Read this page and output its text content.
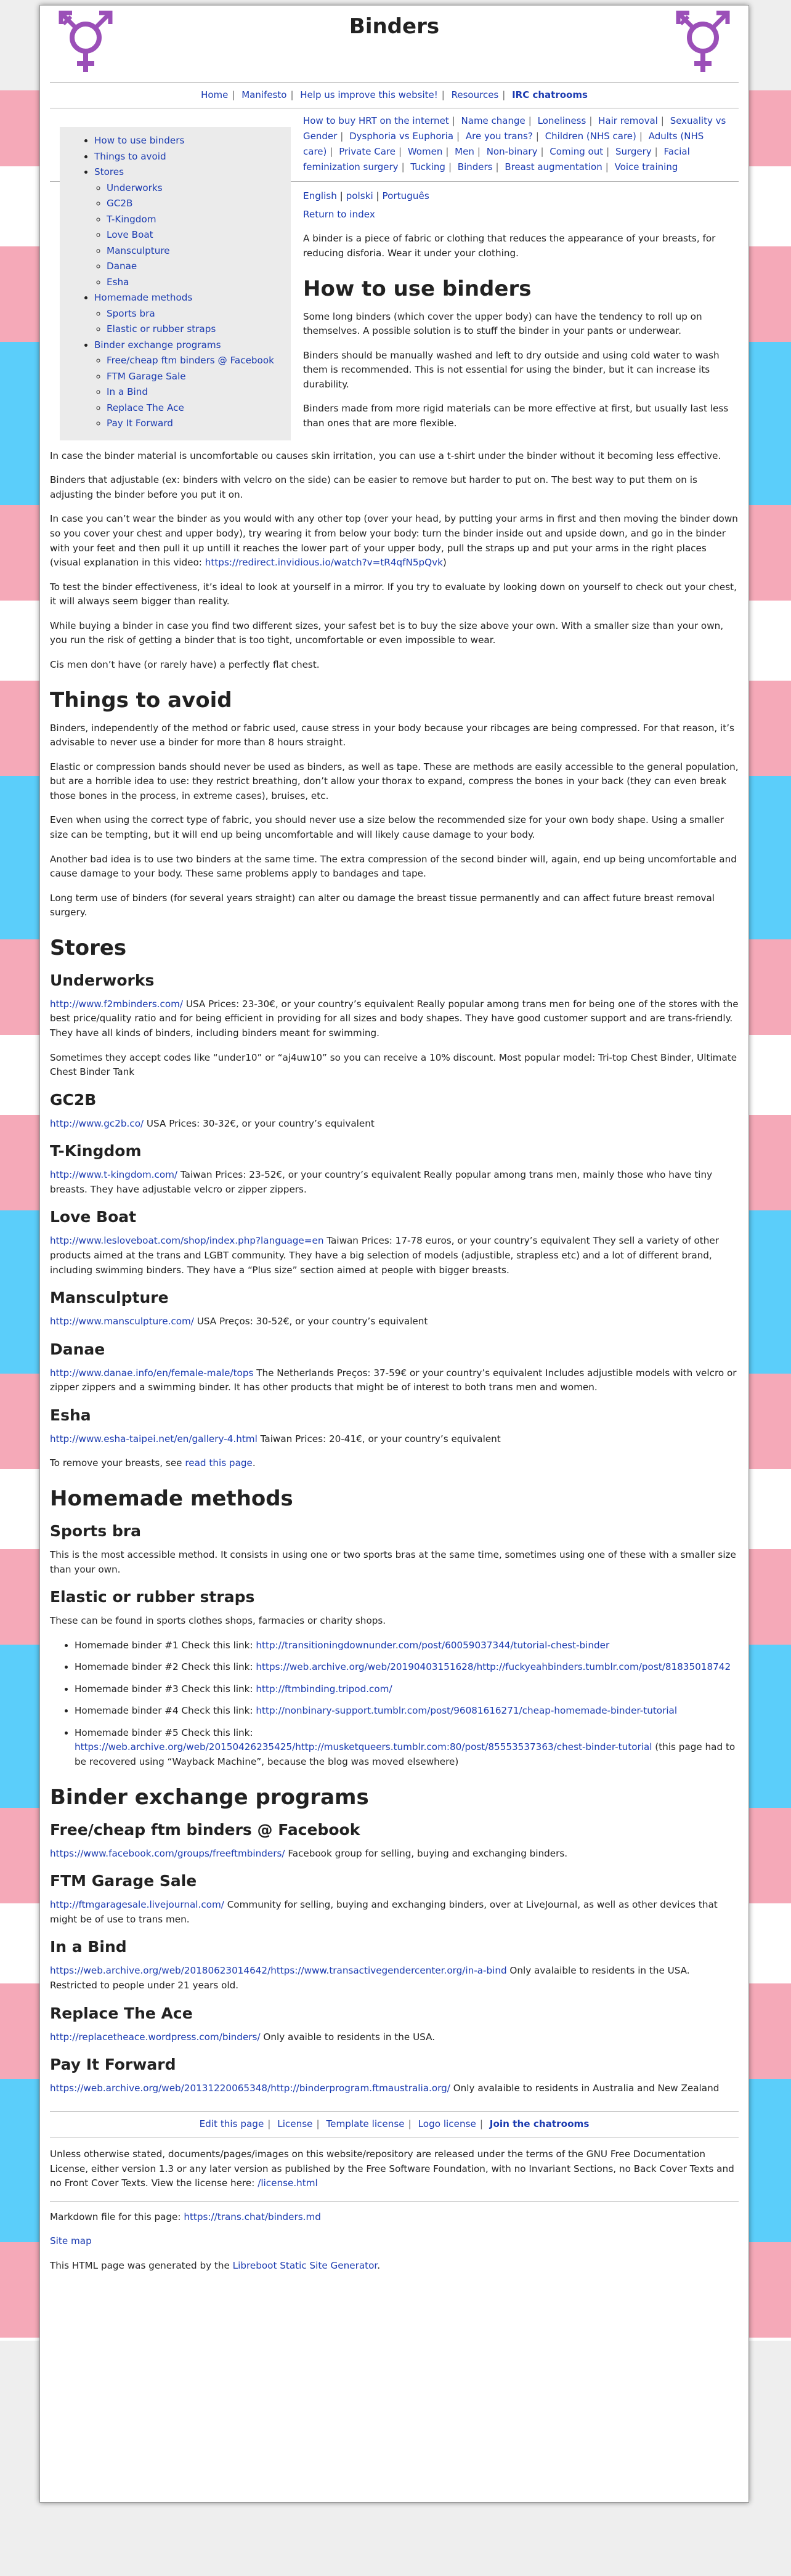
Binders
Home | Manifesto | Help us improve this website! | Resources | IRC chatrooms
• How to use binders
• Things to avoid
• Stores
◦ Underworks
◦ GC2B
◦ T-Kingdom
◦ Love Boat
◦ Mansculpture
◦ Danae
◦ Esha
• Homemade methods
◦ Sports bra
◦ Elastic or rubber straps
• Binder exchange programs
◦ Free/cheap ftm binders @ Facebook
◦ FTM Garage Sale
◦ In a Bind
◦ Replace The Ace
◦ Pay It Forward
How to buy HRT on the internet | Name change | Loneliness | Hair removal | Sexuality vs Gender | Dysphoria vs Euphoria | Are you trans? | Children (NHS care) | Adults (NHS care) | Private Care | Women | Men | Non-binary | Coming out | Surgery | Facial feminization surgery | Tucking | Binders | Breast augmentation | Voice training

English | polski | Português

Return to index

A binder is a piece of fabric or clothing that reduces the appearance of your breasts, for reducing disforia. Wear it under your clothing.

How to use binders

Some long binders (which cover the upper body) can have the tendency to roll up on themselves. A possible solution is to stuff the binder in your pants or underwear.

Binders should be manually washed and left to dry outside and using cold water to wash them is recommended. This is not essential for using the binder, but it can increase its durability.

Binders made from more rigid materials can be more effective at first, but usually last less than ones that are more flexible.

In case the binder material is uncomfortable ou causes skin irritation, you can use a t-shirt under the binder without it becoming less effective.

Binders that adjustable (ex: binders with velcro on the side) can be easier to remove but harder to put on. The best way to put them on is adjusting the binder before you put it on.

In case you can’t wear the binder as you would with any other top (over your head, by putting your arms in first and then moving the binder down so you cover your chest and upper body), try wearing it from below your body: turn the binder inside out and upside down, and go in the binder with your feet and then pull it up untill it reaches the lower part of your upper body, pull the straps up and put your arms in the right places (visual explanation in this video: https://redirect.invidious.io/watch?v=tR4qfN5pQvk)

To test the binder effectiveness, it’s ideal to look at yourself in a mirror. If you try to evaluate by looking down on yourself to check out your chest, it will always seem bigger than reality.

While buying a binder in case you find two different sizes, your safest bet is to buy the size above your own. With a smaller size than your own, you run the risk of getting a binder that is too tight, uncomfortable or even impossible to wear.

Cis men don’t have (or rarely have) a perfectly flat chest.

Things to avoid

Binders, independently of the method or fabric used, cause stress in your body because your ribcages are being compressed. For that reason, it’s advisable to never use a binder for more than 8 hours straight.

Elastic or compression bands should never be used as binders, as well as tape. These are methods are easily accessible to the general population, but are a horrible idea to use: they restrict breathing, don’t allow your thorax to expand, compress the bones in your back (they can even break those bones in the process, in extreme cases), bruises, etc.

Even when using the correct type of fabric, you should never use a size below the recommended size for your own body shape. Using a smaller size can be tempting, but it will end up being uncomfortable and will likely cause damage to your body.

Another bad idea is to use two binders at the same time. The extra compression of the second binder will, again, end up being uncomfortable and cause damage to your body. These same problems apply to bandages and tape.

Long term use of binders (for several years straight) can alter ou damage the breast tissue permanently and can affect future breast removal surgery.

Stores
Underworks

http://www.f2mbinders.com/ USA Prices: 23-30€, or your country’s equivalent Really popular among trans men for being one of the stores with the best price/quality ratio and for being efficient in providing for all sizes and body shapes. They have good customer support and are trans-friendly. They have all kinds of binders, including binders meant for swimming.

Sometimes they accept codes like “under10” or “aj4uw10” so you can receive a 10% discount. Most popular model: Tri-top Chest Binder, Ultimate Chest Binder Tank

GC2B

http://www.gc2b.co/ USA Prices: 30-32€, or your country’s equivalent

T-Kingdom

http://www.t-kingdom.com/ Taiwan Prices: 23-52€, or your country’s equivalent Really popular among trans men, mainly those who have tiny breasts. They have adjustable velcro or zipper zippers.

Love Boat

http://www.lesloveboat.com/shop/index.php?language=en Taiwan Prices: 17-78 euros, or your country’s equivalent They sell a variety of other products aimed at the trans and LGBT community. They have a big selection of models (adjustible, strapless etc) and a lot of different brand, including swimming binders. They have a “Plus size” section aimed at people with bigger breasts.

Mansculpture

http://www.mansculpture.com/ USA Preços: 30-52€, or your country’s equivalent

Danae

http://www.danae.info/en/female-male/tops The Netherlands Preços: 37-59€ or your country’s equivalent Includes adjustible models with velcro or zipper zippers and a swimming binder. It has other products that might be of interest to both trans men and women.

Esha

http://www.esha-taipei.net/en/gallery-4.html Taiwan Prices: 20-41€, or your country’s equivalent

To remove your breasts, see read this page.

Homemade methods
Sports bra

This is the most accessible method. It consists in using one or two sports bras at the same time, sometimes using one of these with a smaller size than your own.

Elastic or rubber straps

These can be found in sports clothes shops, farmacies or charity shops.

• Homemade binder #1 Check this link: http://transitioningdownunder.com/post/60059037344/tutorial-chest-binder
• Homemade binder #2 Check this link: https://web.archive.org/web/20190403151628/http://fuckyeahbinders.tumblr.com/post/81835018742
• Homemade binder #3 Check this link: http://ftmbinding.tripod.com/
• Homemade binder #4 Check this link: http://nonbinary-support.tumblr.com/post/96081616271/cheap-homemade-binder-tutorial
• Homemade binder #5 Check this link: https://web.archive.org/web/20150426235425/http://musketqueers.tumblr.com:80/post/85553537363/chest-binder-tutorial (this page had to be recovered using “Wayback Machine”, because the blog was moved elsewhere)
Binder exchange programs
Free/cheap ftm binders @ Facebook

https://www.facebook.com/groups/freeftmbinders/ Facebook group for selling, buying and exchanging binders.

FTM Garage Sale

http://ftmgaragesale.livejournal.com/ Community for selling, buying and exchanging binders, over at LiveJournal, as well as other devices that might be of use to trans men.

In a Bind

https://web.archive.org/web/20180623014642/https://www.transactivegendercenter.org/in-a-bind Only avalaible to residents in the USA. Restricted to people under 21 years old.

Replace The Ace

http://replacetheace.wordpress.com/binders/ Only avaible to residents in the USA.

Pay It Forward

https://web.archive.org/web/20131220065348/http://binderprogram.ftmaustralia.org/ Only avalaible to residents in Australia and New Zealand

Edit this page | License | Template license | Logo license | Join the chatrooms

Unless otherwise stated, documents/pages/images on this website/repository are released under the terms of the GNU Free Documentation License, either version 1.3 or any later version as published by the Free Software Foundation, with no Invariant Sections, no Back Cover Texts and no Front Cover Texts. View the license here: /license.html

Markdown file for this page: https://trans.chat/binders.md

Site map

This HTML page was generated by the Libreboot Static Site Generator.
